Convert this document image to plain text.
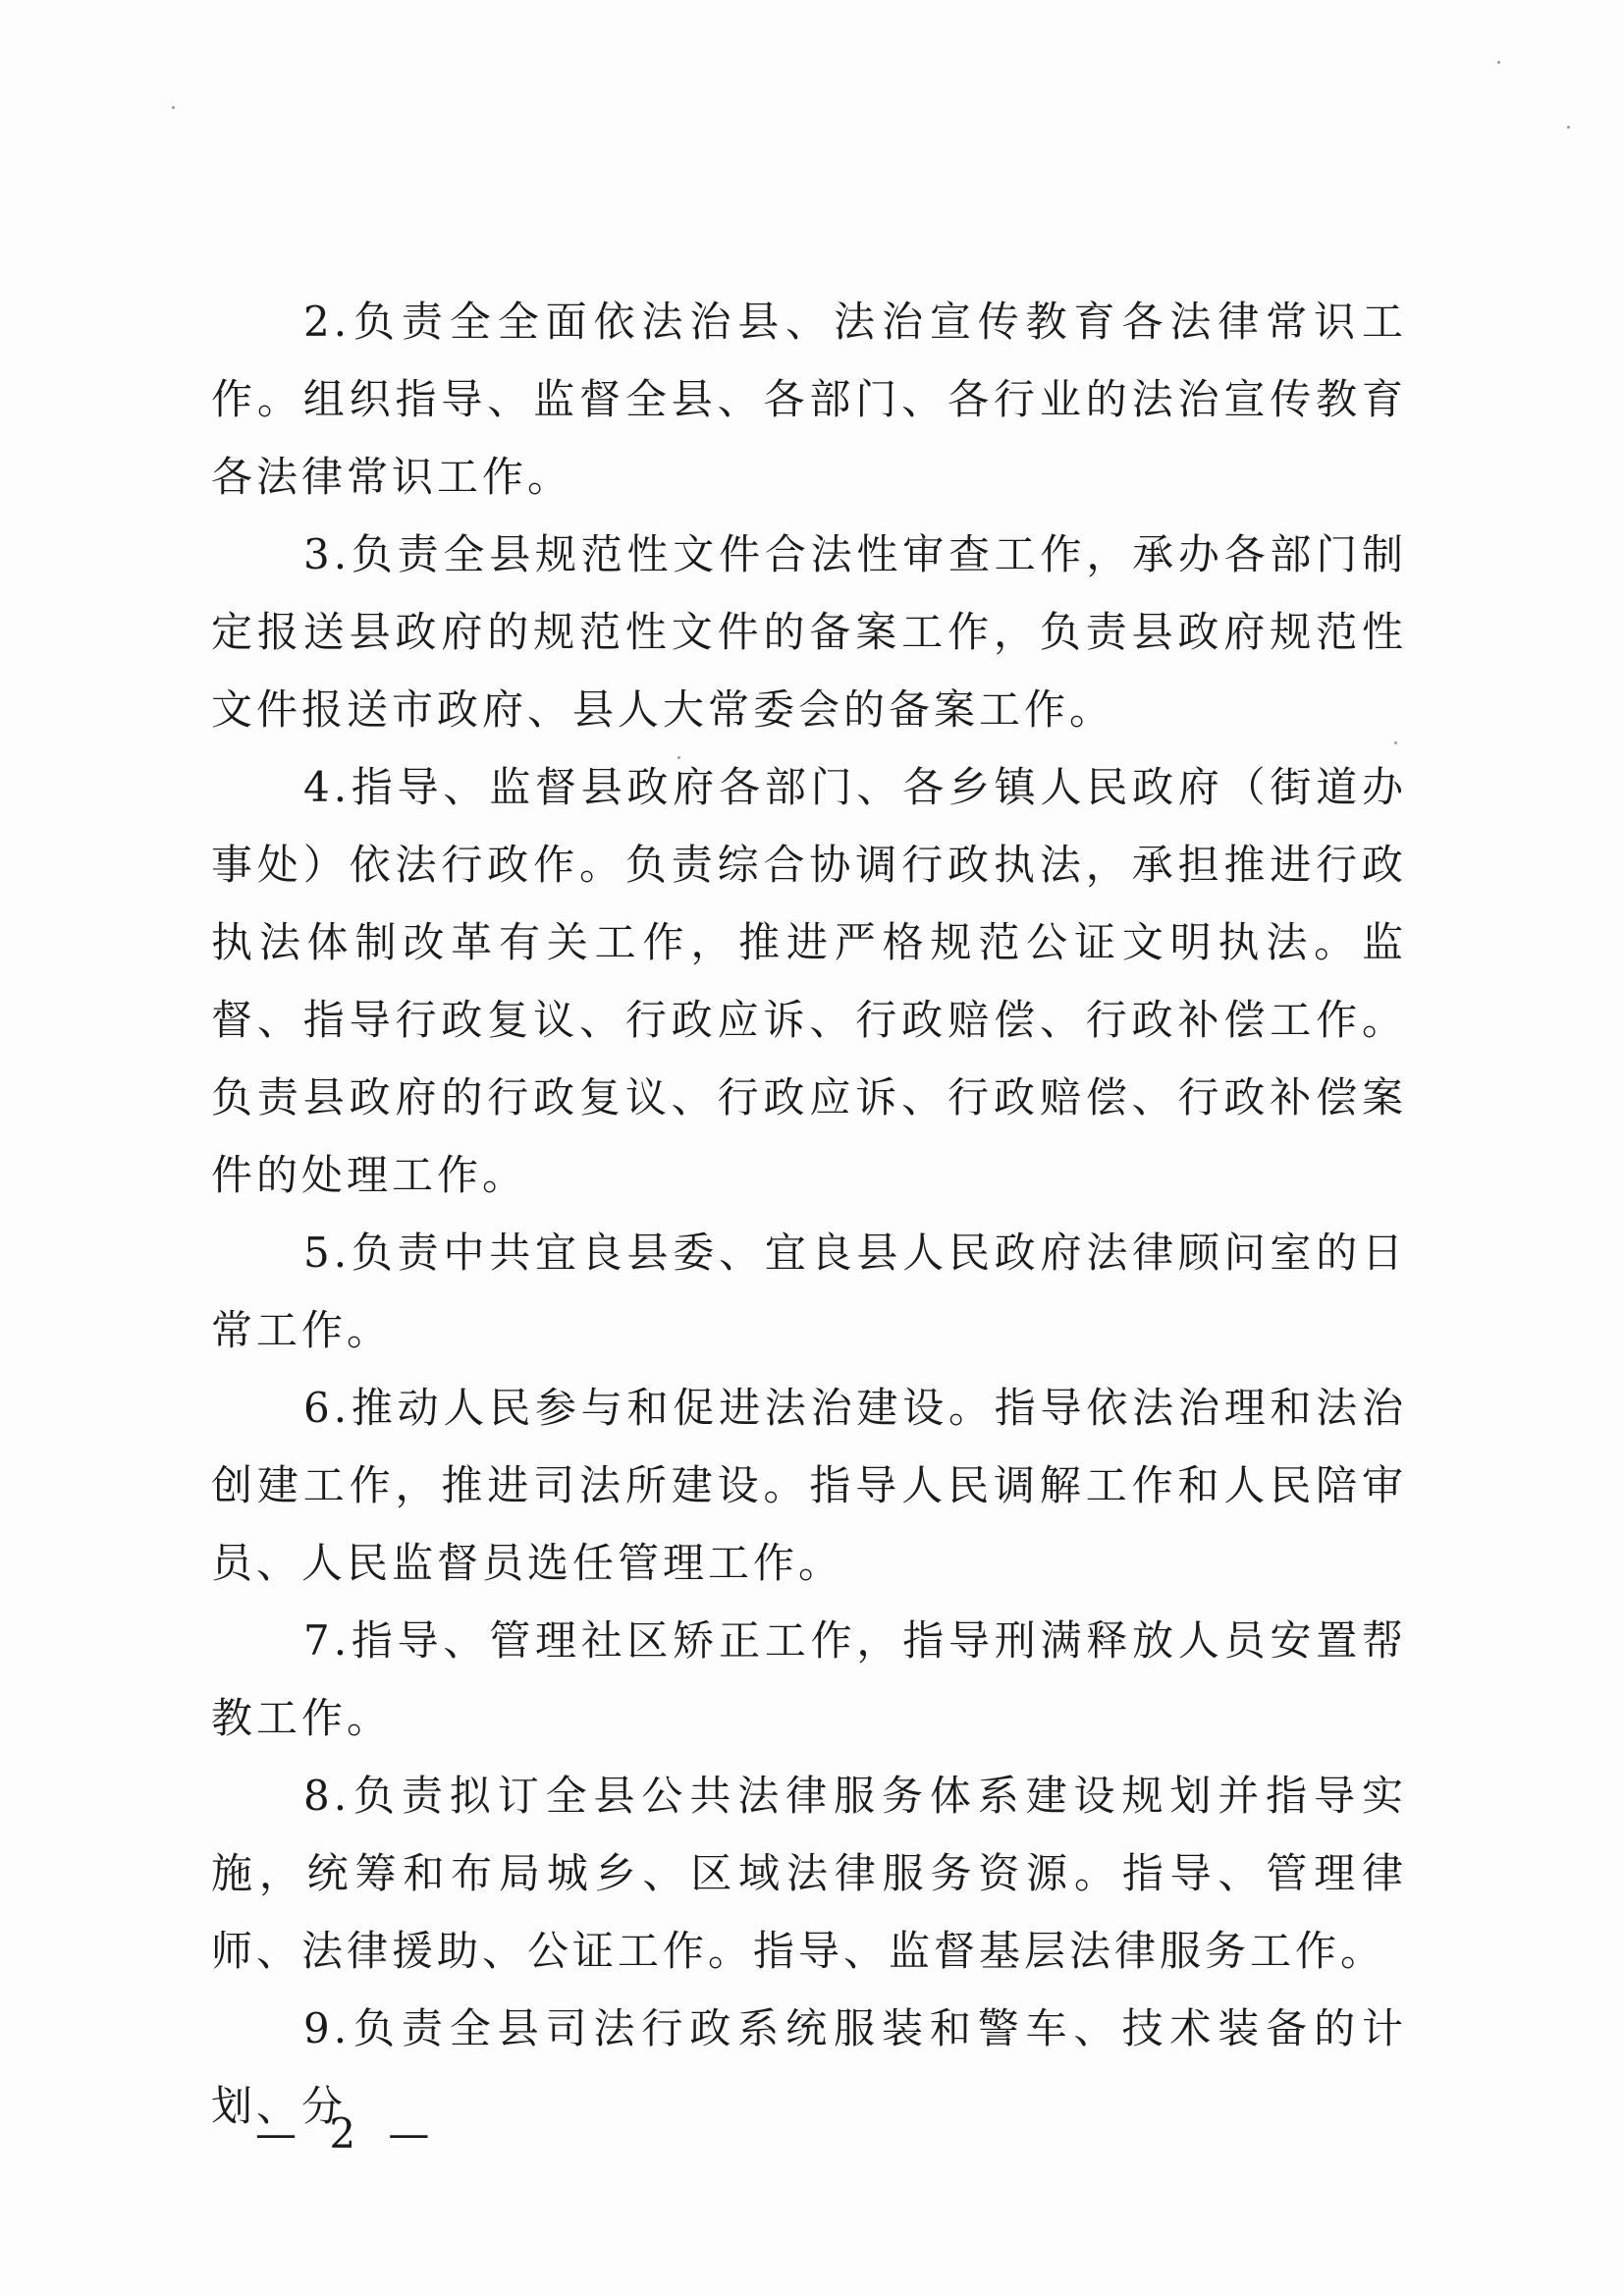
2.负责全全面依法治县、法治宣传教育各法律常识工作。组织指导、监督全县、各部门、各行业的法治宣传教育各法律常识工作。

3.负责全县规范性文件合法性审查工作，承办各部门制定报送县政府的规范性文件的备案工作，负责县政府规范性文件报送市政府、县人大常委会的备案工作。

4.指导、监督县政府各部门、各乡镇人民政府（街道办事处）依法行政作。负责综合协调行政执法，承担推进行政执法体制改革有关工作，推进严格规范公证文明执法。监督、指导行政复议、行政应诉、行政赔偿、行政补偿工作。负责县政府的行政复议、行政应诉、行政赔偿、行政补偿案件的处理工作。

5.负责中共宜良县委、宜良县人民政府法律顾问室的日常工作。

6.推动人民参与和促进法治建设。指导依法治理和法治创建工作，推进司法所建设。指导人民调解工作和人民陪审员、人民监督员选任管理工作。

7.指导、管理社区矫正工作，指导刑满释放人员安置帮教工作。

8.负责拟订全县公共法律服务体系建设规划并指导实施，统筹和布局城乡、区域法律服务资源。指导、管理律师、法律援助、公证工作。指导、监督基层法律服务工作。

9.负责全县司法行政系统服装和警车、技术装备的计划、分

— 2 —
